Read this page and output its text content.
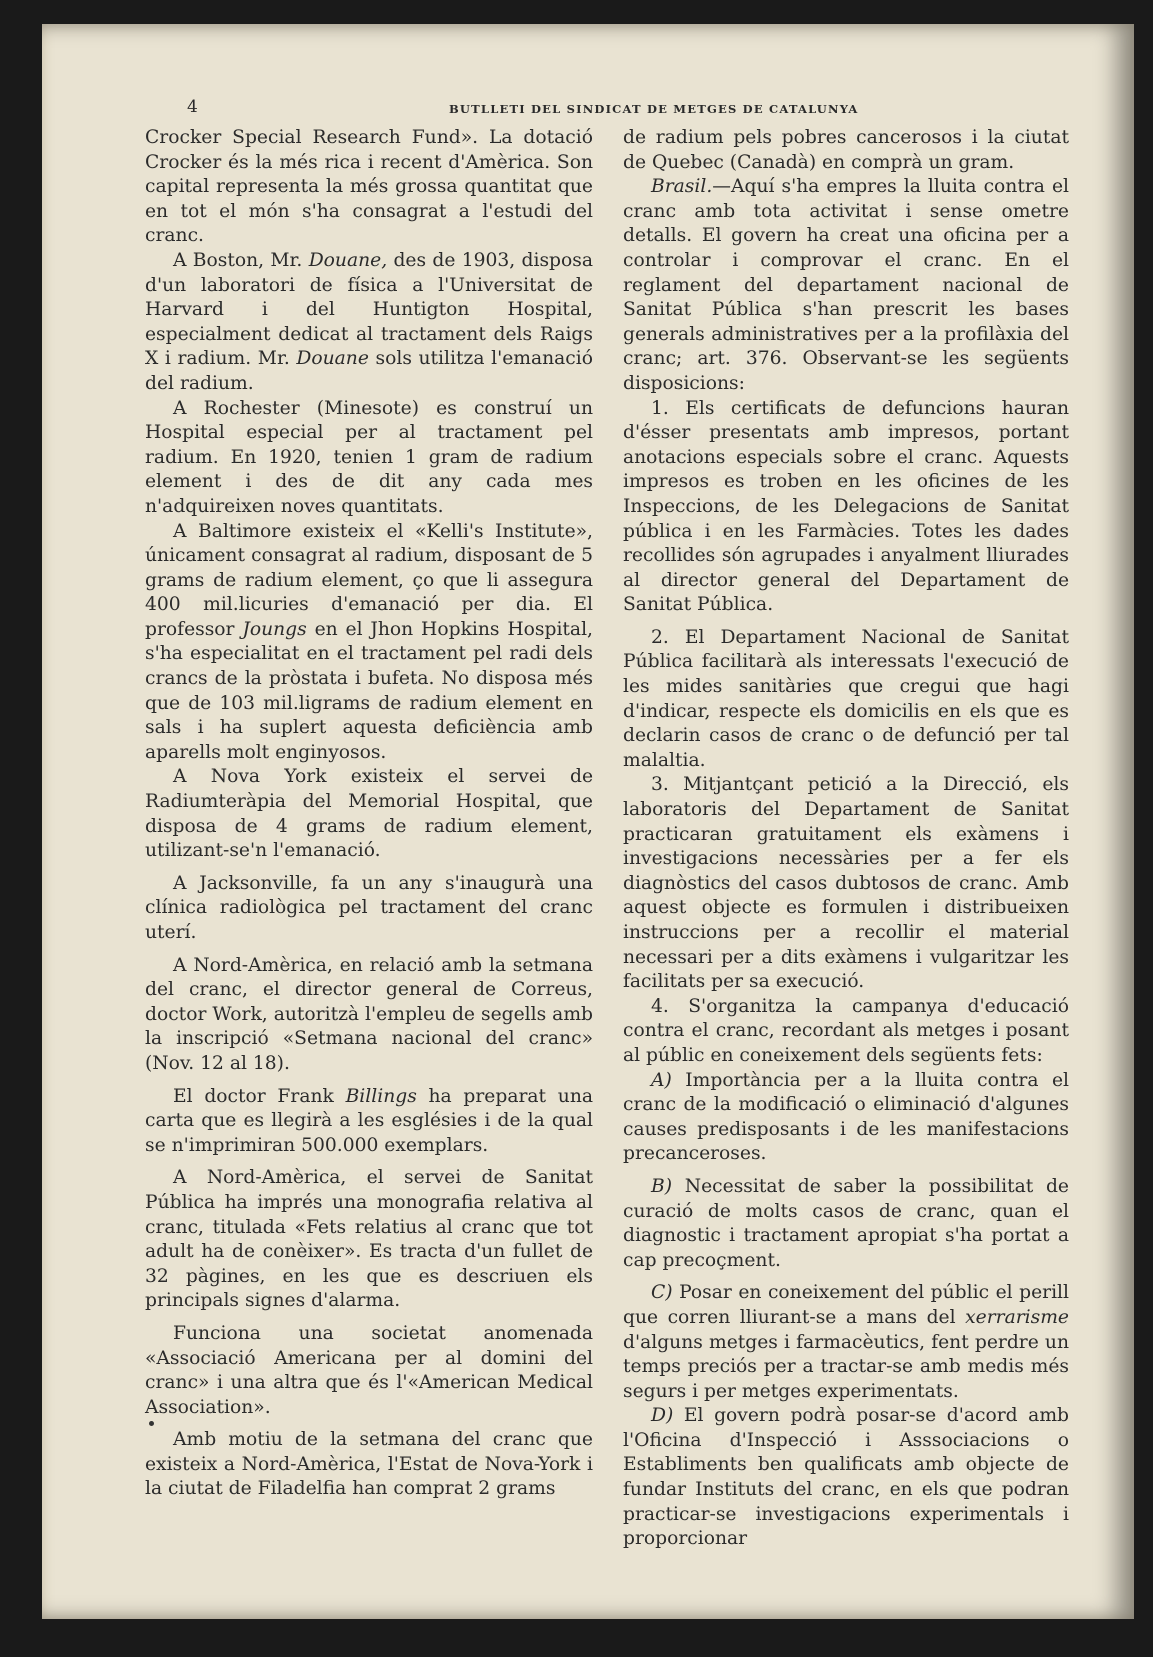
4	BUTLLETI DEL SINDICAT DE METGES DE CATALUNYA

Crocker Special Research Fund». La dotació Crocker és la més rica i recent d'Amèrica. Son capital representa la més grossa quantitat que en tot el món s'ha consagrat a l'estudi del cranc.

A Boston, Mr. Douane, des de 1903, disposa d'un laboratori de física a l'Universitat de Harvard i del Huntigton Hospital, especialment dedicat al tractament dels Raigs X i radium. Mr. Douane sols utilitza l'emanació del radium.

A Rochester (Minesote) es construí un Hospital especial per al tractament pel radium. En 1920, tenien 1 gram de radium element i des de dit any cada mes n'adquireixen noves quantitats.

A Baltimore existeix el «Kelli's Institute», únicament consagrat al radium, disposant de 5 grams de radium element, ço que li assegura 400 mil.licuries d'emanació per dia. El professor Joungs en el Jhon Hopkins Hospital, s'ha especialitat en el tractament pel radi dels crancs de la pròstata i bufeta. No disposa més que de 103 mil.ligrams de radium element en sals i ha suplert aquesta deficiència amb aparells molt enginyosos.

A Nova York existeix el servei de Radiumteràpia del Memorial Hospital, que disposa de 4 grams de radium element, utilizant-se'n l'emanació.

A Jacksonville, fa un any s'inaugurà una clínica radiològica pel tractament del cranc uterí.

A Nord-Amèrica, en relació amb la setmana del cranc, el director general de Correus, doctor Work, autoritzà l'empleu de segells amb la inscripció «Setmana nacional del cranc» (Nov. 12 al 18).

El doctor Frank Billings ha preparat una carta que es llegirà a les esglésies i de la qual se n'imprimiran 500.000 exemplars.

A Nord-Amèrica, el servei de Sanitat Pública ha imprés una monografia relativa al cranc, titulada «Fets relatius al cranc que tot adult ha de conèixer». Es tracta d'un fullet de 32 pàgines, en les que es descriuen els principals signes d'alarma.

Funciona una societat anomenada «Associació Americana per al domini del cranc» i una altra que és l'«American Medical Association».

Amb motiu de la setmana del cranc que existeix a Nord-Amèrica, l'Estat de Nova-York i la ciutat de Filadelfia han comprat 2 grams

de radium pels pobres cancerosos i la ciutat de Quebec (Canadà) en comprà un gram.

Brasil.—Aquí s'ha empres la lluita contra el cranc amb tota activitat i sense ometre detalls. El govern ha creat una oficina per a controlar i comprovar el cranc. En el reglament del departament nacional de Sanitat Pública s'han prescrit les bases generals administratives per a la profilàxia del cranc; art. 376. Observant-se les següents disposicions:

1. Els certificats de defuncions hauran d'ésser presentats amb impresos, portant anotacions especials sobre el cranc. Aquests impresos es troben en les oficines de les Inspeccions, de les Delegacions de Sanitat pública i en les Farmàcies. Totes les dades recollides són agrupades i anyalment lliurades al director general del Departament de Sanitat Pública.

2. El Departament Nacional de Sanitat Pública facilitarà als interessats l'execució de les mides sanitàries que cregui que hagi d'indicar, respecte els domicilis en els que es declarin casos de cranc o de defunció per tal malaltia.

3. Mitjantçant petició a la Direcció, els laboratoris del Departament de Sanitat practicaran gratuitament els exàmens i investigacions necessàries per a fer els diagnòstics del casos dubtosos de cranc. Amb aquest objecte es formulen i distribueixen instruccions per a recollir el material necessari per a dits exàmens i vulgaritzar les facilitats per sa execució.

4. S'organitza la campanya d'educació contra el cranc, recordant als metges i posant al públic en coneixement dels següents fets:

A) Importància per a la lluita contra el cranc de la modificació o eliminació d'algunes causes predisposants i de les manifestacions precanceroses.

B) Necessitat de saber la possibilitat de curació de molts casos de cranc, quan el diagnostic i tractament apropiat s'ha portat a cap precoçment.

C) Posar en coneixement del públic el perill que corren lliurant-se a mans del xerrarisme d'alguns metges i farmacèutics, fent perdre un temps preciós per a tractar-se amb medis més segurs i per metges experimentats.

D) El govern podrà posar-se d'acord amb l'Oficina d'Inspecció i Asssociacions o Establiments ben qualificats amb objecte de fundar Instituts del cranc, en els que podran practicar-se investigacions experimentals i proporcionar
